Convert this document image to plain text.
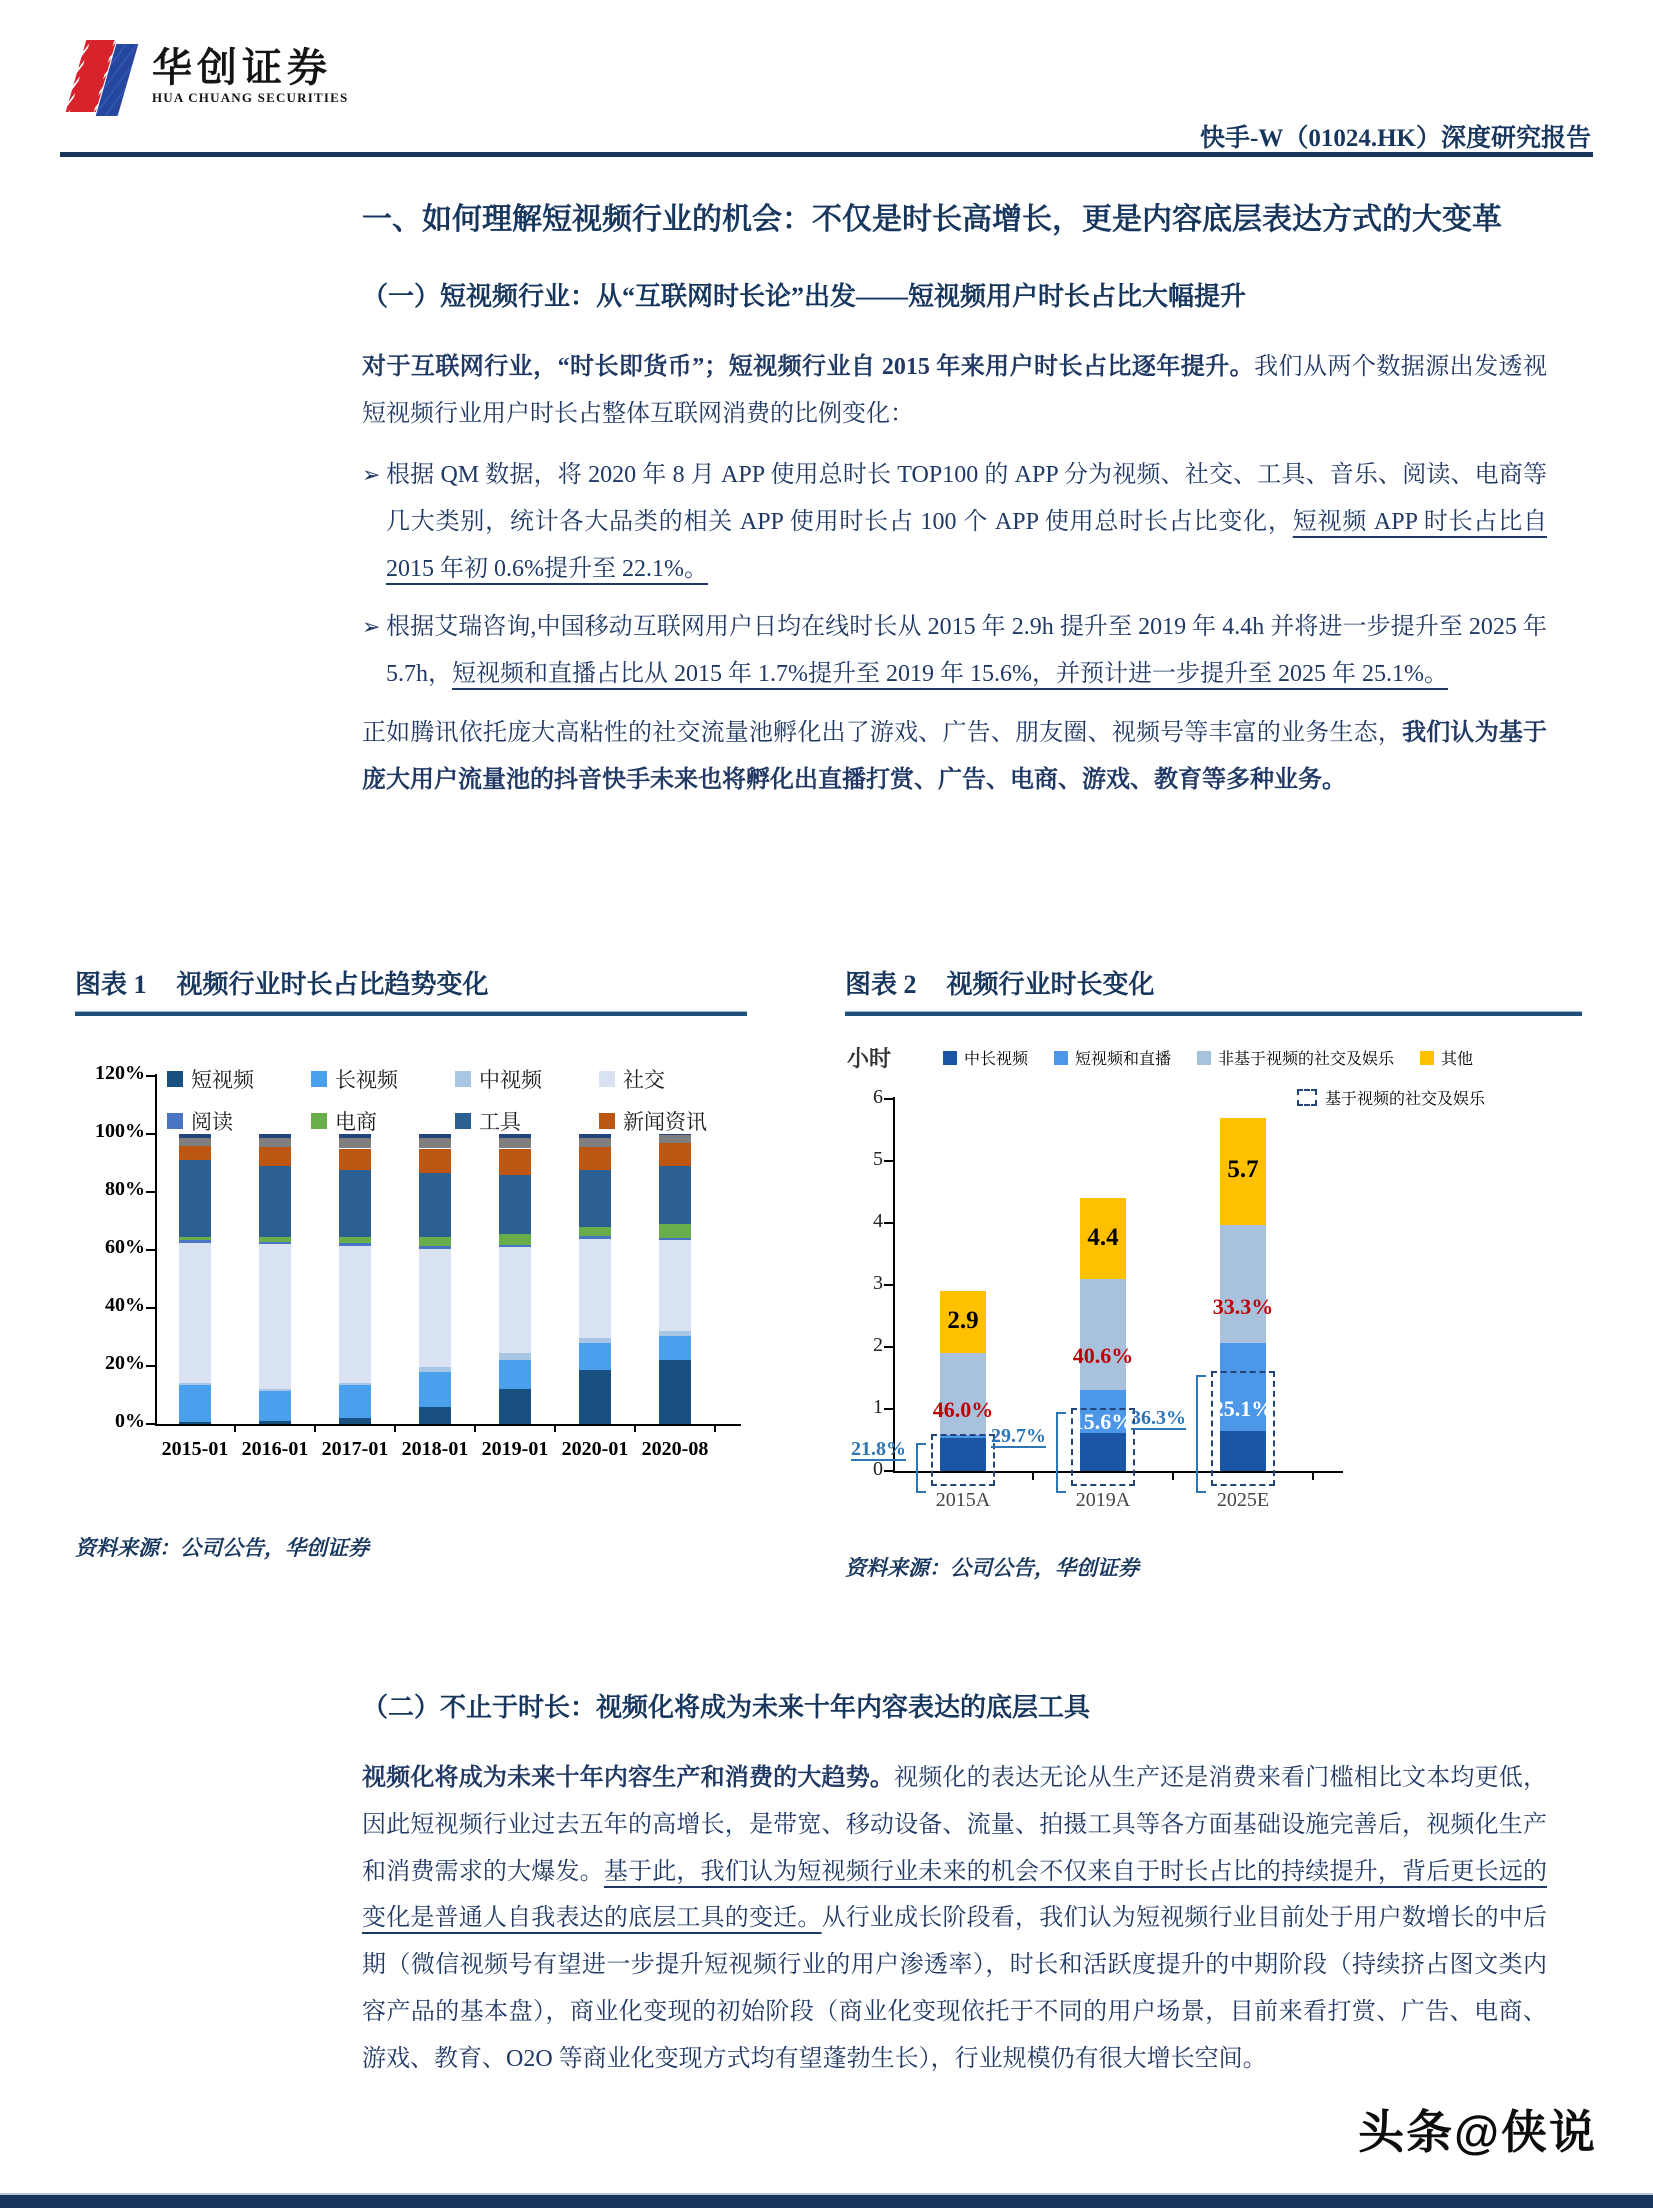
华创证券
HUA CHUANG SECURITIES
快手-W（01024.HK）深度研究报告
一、如何理解短视频行业的机会：不仅是时长高增长，更是内容底层表达方式的大变革
（一）短视频行业：从“互联网时长论”出发——短视频用户时长占比大幅提升

对于互联网行业，“时长即货币”；短视频行业自 2015 年来用户时长占比逐年提升。我们从两个数据源出发透视短视频行业用户时长占整体互联网消费的比例变化：

➢ 根据 QM 数据，将 2020 年 8 月 APP 使用总时长 TOP100 的 APP 分为视频、社交、工具、音乐、阅读、电商等几大类别，统计各大品类的相关 APP 使用时长占 100 个 APP 使用总时长占比变化，短视频 APP 时长占比自 2015 年初 0.6%提升至 22.1%。
➢ 根据艾瑞咨询,中国移动互联网用户日均在线时长从 2015 年 2.9h 提升至 2019 年 4.4h 并将进一步提升至 2025 年 5.7h，短视频和直播占比从 2015 年 1.7%提升至 2019 年 15.6%，并预计进一步提升至 2025 年 25.1%。

正如腾讯依托庞大高粘性的社交流量池孵化出了游戏、广告、朋友圈、视频号等丰富的业务生态，我们认为基于庞大用户流量池的抖音快手未来也将孵化出直播打赏、广告、电商、游戏、教育等多种业务。

图表 1 视频行业时长占比趋势变化
0%
20%
40%
60%
80%
100%
120%
2015-01 2016-01 2017-01 2018-01 2019-01 2020-01 2020-08
短视频	长视频	中视频	社交
阅读	电商	工具	新闻资讯
资料来源：公司公告，华创证券
图表 2 视频行业时长变化
小时
0
1
2
3
4
5
6
中长视频	短视频和直播	非基于视频的社交及娱乐	其他
基于视频的社交及娱乐
21.8%
2.9
46.0%
2015A
29.7%
4.4
40.6%
15.6%
2019A
36.3%
5.7
33.3%
25.1%
2025E
资料来源：公司公告，华创证券
（二）不止于时长：视频化将成为未来十年内容表达的底层工具

视频化将成为未来十年内容生产和消费的大趋势。视频化的表达无论从生产还是消费来看门槛相比文本均更低，因此短视频行业过去五年的高增长，是带宽、移动设备、流量、拍摄工具等各方面基础设施完善后，视频化生产和消费需求的大爆发。基于此，我们认为短视频行业未来的机会不仅来自于时长占比的持续提升，背后更长远的变化是普通人自我表达的底层工具的变迁。从行业成长阶段看，我们认为短视频行业目前处于用户数增长的中后期（微信视频号有望进一步提升短视频行业的用户渗透率），时长和活跃度提升的中期阶段（持续挤占图文类内容产品的基本盘），商业化变现的初始阶段（商业化变现依托于不同的用户场景，目前来看打赏、广告、电商、游戏、教育、O2O 等商业化变现方式均有望蓬勃生长），行业规模仍有很大增长空间。

头条@侠说
